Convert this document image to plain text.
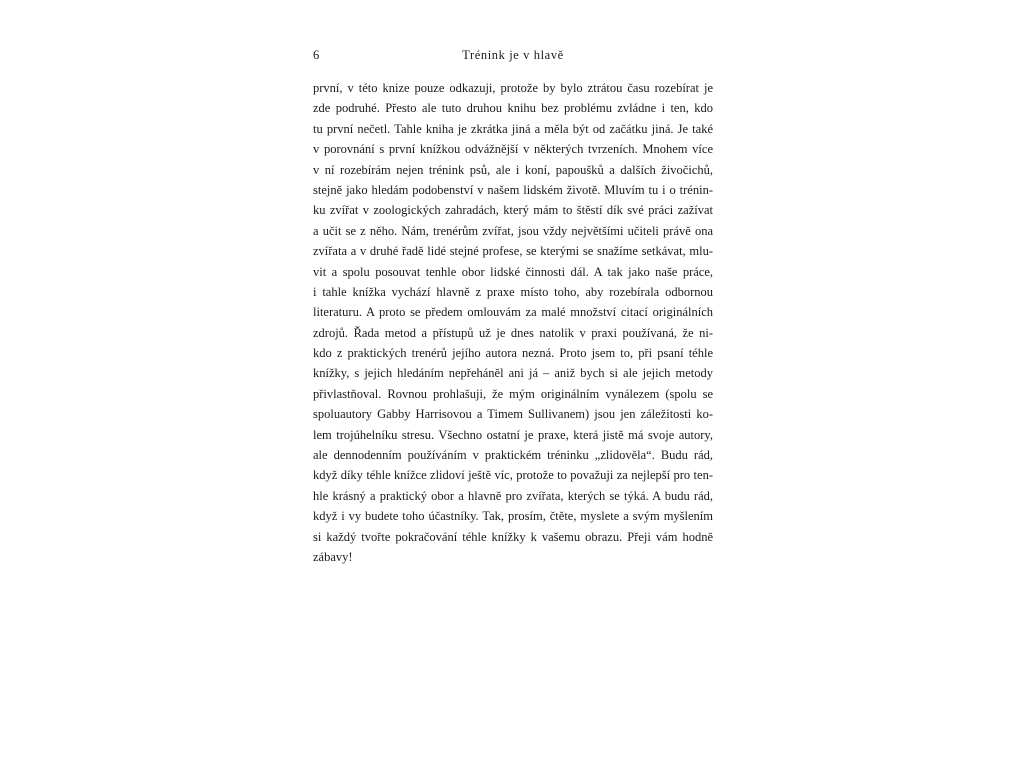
6	Trénink je v hlavě
první, v této knize pouze odkazuji, protože by bylo ztrátou času rozebírat je
zde podruhé. Přesto ale tuto druhou knihu bez problému zvládne i ten, kdo
tu první nečetl. Tahle kniha je zkrátka jiná a měla být od začátku jiná. Je také
v porovnání s první knížkou odvážnější v některých tvrzeních. Mnohem více
v ní rozebírám nejen trénink psů, ale i koní, papoušků a dalších živočichů,
stejně jako hledám podobenství v našem lidském životě. Mluvím tu i o trénin-
ku zvířat v zoologických zahradách, který mám to štěstí dík své práci zažívat
a učit se z něho. Nám, trenérům zvířat, jsou vždy největšími učiteli právě ona
zvířata a v druhé řadě lidé stejné profese, se kterými se snažíme setkávat, mlu-
vit a spolu posouvat tenhle obor lidské činnosti dál. A tak jako naše práce,
i tahle knížka vychází hlavně z praxe místo toho, aby rozebírala odbornou
literaturu. A proto se předem omlouvám za malé množství citací originálních
zdrojů. Řada metod a přístupů už je dnes natolik v praxi používaná, že ni-
kdo z praktických trenérů jejího autora nezná. Proto jsem to, při psaní téhle
knížky, s jejich hledáním nepřeháněl ani já – aniž bych si ale jejich metody
přivlastňoval. Rovnou prohlašuji, že mým originálním vynálezem (spolu se
spoluautory Gabby Harrisovou a Timem Sullivanem) jsou jen záležitosti ko-
lem trojúhelníku stresu. Všechno ostatní je praxe, která jistě má svoje autory,
ale dennodenním používáním v praktickém tréninku „zlidověla“. Budu rád,
když díky téhle knížce zlidoví ještě víc, protože to považuji za nejlepší pro ten-
hle krásný a praktický obor a hlavně pro zvířata, kterých se týká. A budu rád,
když i vy budete toho účastníky. Tak, prosím, čtěte, myslete a svým myšlením
si každý tvořte pokračování téhle knížky k vašemu obrazu. Přeji vám hodně
zábavy!
